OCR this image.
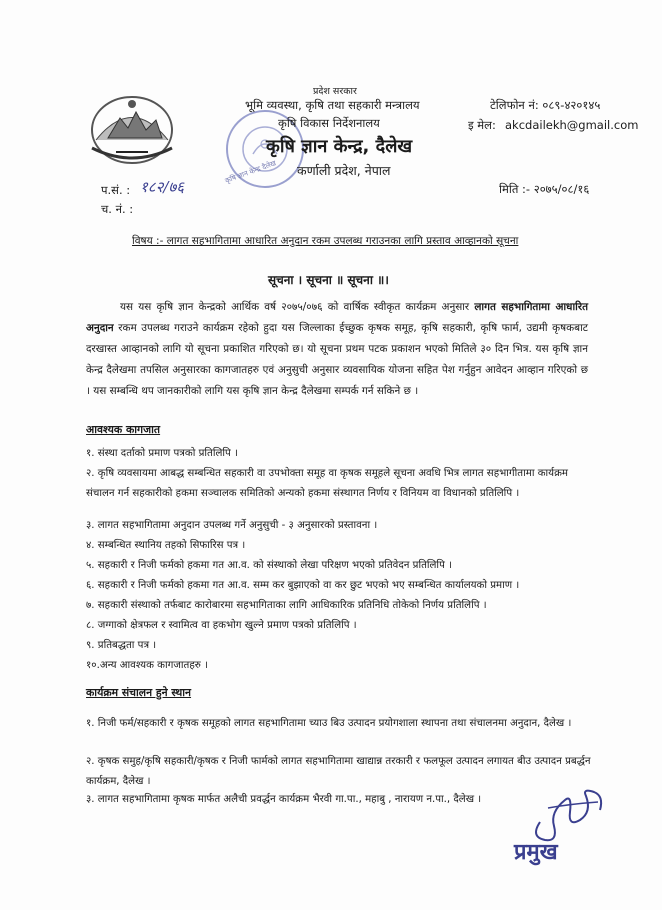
कृषि ज्ञान केन्द्र दैलेख
प्रदेश सरकार
भूमि व्यवस्था, कृषि तथा सहकारी मन्त्रालय
कृषि विकास निर्देशनालय
कृषि ज्ञान केन्द्र, दैलेख
कर्णाली प्रदेश, नेपाल
टेलिफोन नं: ०८९-४२०१४५
इ मेल: akcdailekh@gmail.com
प.सं. : १८२/७६
च. नं. :
मिति :- २०७५/०८/१६
विषय :- लागत सहभागितामा आधारित अनुदान रकम उपलब्ध गराउनका लागि प्रस्ताव आव्हानको सूचना
सूचना । सूचना ॥ सूचना ॥।
यस यस कृषि ज्ञान केन्द्रको आर्थिक वर्ष २०७५/०७६ को वार्षिक स्वीकृत कार्यक्रम अनुसार लागत सहभागितामा आधारित अनुदान रकम उपलब्ध गराउने कार्यक्रम रहेको हुदा यस जिल्लाका ईच्छुक कृषक समूह, कृषि सहकारी, कृषि फार्म, उद्यमी कृषकबाट दरखास्त आव्हानको लागि यो सूचना प्रकाशित गरिएको छ। यो सूचना प्रथम पटक प्रकाशन भएको मितिले ३० दिन भित्र. यस कृषि ज्ञान केन्द्र दैलेखमा तपसिल अनुसारका कागजातहरु एवं अनुसुची अनुसार व्यवसायिक योजना सहित पेश गर्नुहुन आवेदन आव्हान गरिएको छ । यस सम्बन्धि थप जानकारीको लागि यस कृषि ज्ञान केन्द्र दैलेखमा सम्पर्क गर्न सकिने छ ।
आवश्यक कागजात
१. संस्था दर्ताको प्रमाण पत्रको प्रतिलिपि ।
२. कृषि व्यवसायमा आबद्ध सम्बन्धित सहकारी वा उपभोक्ता समूह वा कृषक समूहले सूचना अवधि भित्र लागत सहभागीतामा कार्यक्रम संचालन गर्न सहकारीको हकमा सञ्चालक समितिको अन्यको हकमा संस्थागत निर्णय र विनियम वा विधानको प्रतिलिपि ।
३. लागत सहभागितामा अनुदान उपलब्ध गर्ने अनुसुची - ३ अनुसारको प्रस्तावना ।
४. सम्बन्धित स्थानिय तहको सिफारिस पत्र ।
५. सहकारी र निजी फर्मको हकमा गत आ.व. को संस्थाको लेखा परिक्षण भएको प्रतिवेदन प्रतिलिपि ।
६. सहकारी र निजी फर्मको हकमा गत आ.व. सम्म कर बुझाएको वा कर छुट भएको भए सम्बन्धित कार्यालयको प्रमाण ।
७. सहकारी संस्थाको तर्फबाट कारोबारमा सहभागिताका लागि आधिकारिक प्रतिनिधि तोकेको निर्णय प्रतिलिपि ।
८. जग्गाको क्षेत्रफल र स्वामित्व वा हकभोग खुल्ने प्रमाण पत्रको प्रतिलिपि ।
९. प्रतिबद्धता पत्र ।
१०.अन्य आवश्यक कागजातहरु ।
कार्यक्रम संचालन हुने स्थान
१. निजी फर्म/सहकारी र कृषक समूहको लागत सहभागितामा च्याउ बिउ उत्पादन प्रयोगशाला स्थापना तथा संचालनमा अनुदान, दैलेख ।
२. कृषक समुह/कृषि सहकारी/कृषक र निजी फार्मको लागत सहभागितामा खाद्यान्न तरकारी र फलफूल उत्पादन लगायत बीउ उत्पादन प्रबर्द्धन कार्यक्रम, दैलेख ।
३. लागत सहभागितामा कृषक मार्फत अलैची प्रवर्द्धन कार्यक्रम भैरवी गा.पा., महाबु , नारायण न.पा., दैलेख ।
प्रमुख
